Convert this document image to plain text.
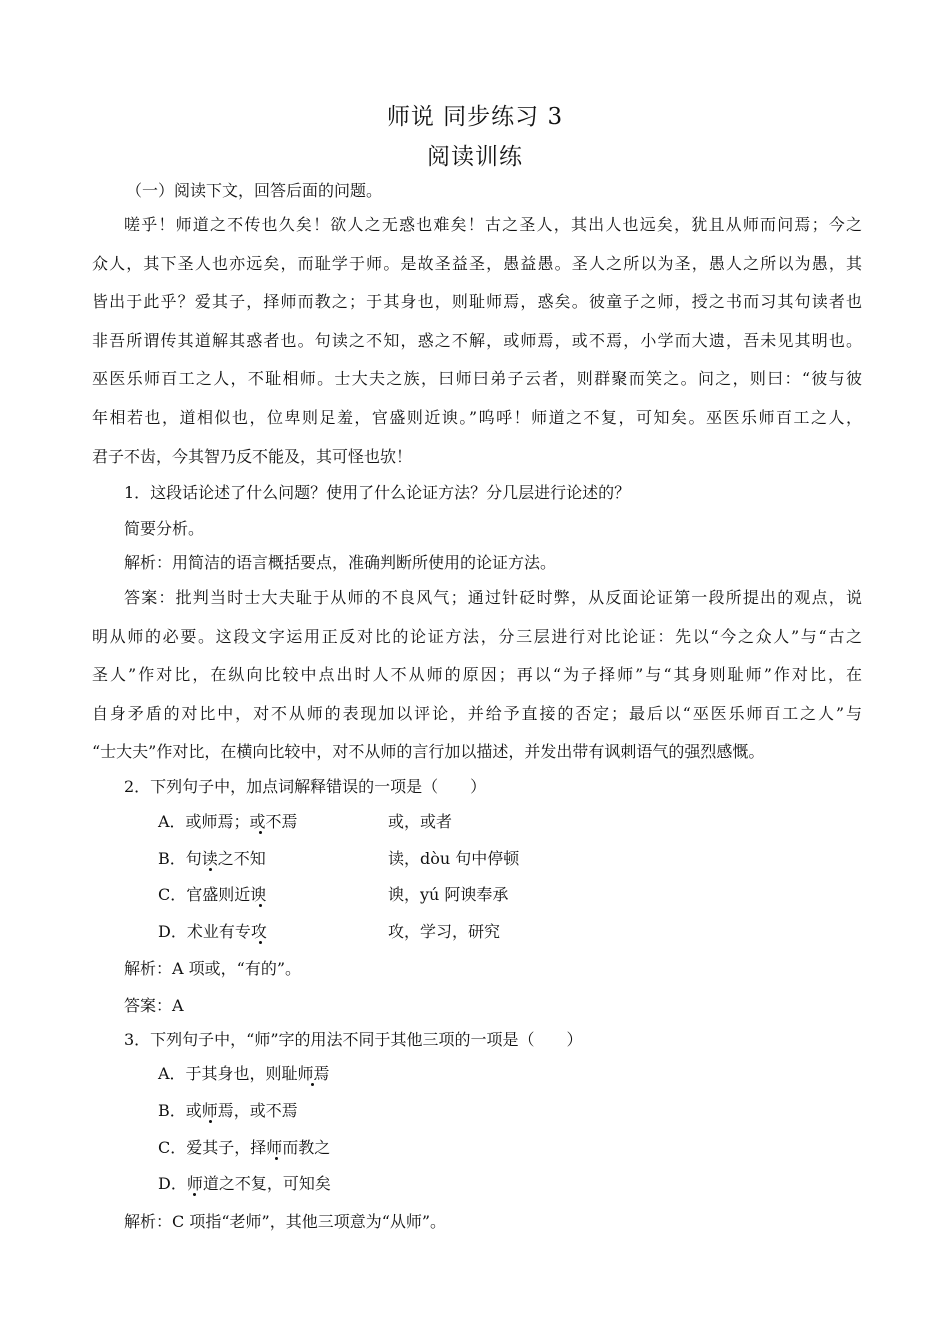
师说 同步练习 3
阅读训练

（一）阅读下文，回答后面的问题。

嗟乎！师道之不传也久矣！欲人之无惑也难矣！古之圣人，其出人也远矣，犹且从师而问焉；今之

众人，其下圣人也亦远矣，而耻学于师。是故圣益圣，愚益愚。圣人之所以为圣，愚人之所以为愚，其

皆出于此乎？爱其子，择师而教之；于其身也，则耻师焉，惑矣。彼童子之师，授之书而习其句读者也

非吾所谓传其道解其惑者也。句读之不知，惑之不解，或师焉，或不焉，小学而大遗，吾未见其明也。

巫医乐师百工之人，不耻相师。士大夫之族，曰师曰弟子云者，则群聚而笑之。问之，则曰：“彼与彼

年相若也，道相似也，位卑则足羞，官盛则近谀。”呜呼！师道之不复，可知矣。巫医乐师百工之人，

君子不齿，今其智乃反不能及，其可怪也欤！

1．这段话论述了什么问题？使用了什么论证方法？分几层进行论述的？

简要分析。

解析：用简洁的语言概括要点，准确判断所使用的论证方法。

答案：批判当时士大夫耻于从师的不良风气；通过针砭时弊，从反面论证第一段所提出的观点，说

明从师的必要。这段文字运用正反对比的论证方法，分三层进行对比论证：先以“今之众人”与“古之

圣人”作对比，在纵向比较中点出时人不从师的原因；再以“为子择师”与“其身则耻师”作对比，在

自身矛盾的对比中，对不从师的表现加以评论，并给予直接的否定；最后以“巫医乐师百工之人”与

“士大夫”作对比，在横向比较中，对不从师的言行加以描述，并发出带有讽刺语气的强烈感慨。

2．下列句子中，加点词解释错误的一项是（　　）

A．或师焉；或不焉	或，或者

B．句读之不知	读，dòu 句中停顿

C．官盛则近谀	谀，yú 阿谀奉承

D．术业有专攻	攻，学习，研究

解析：A 项或，“有的”。

答案：A

3．下列句子中，“师”字的用法不同于其他三项的一项是（　　）

A．于其身也，则耻师焉

B．或师焉，或不焉

C．爱其子，择师而教之

D．师道之不复，可知矣

解析：C 项指“老师”，其他三项意为“从师”。
